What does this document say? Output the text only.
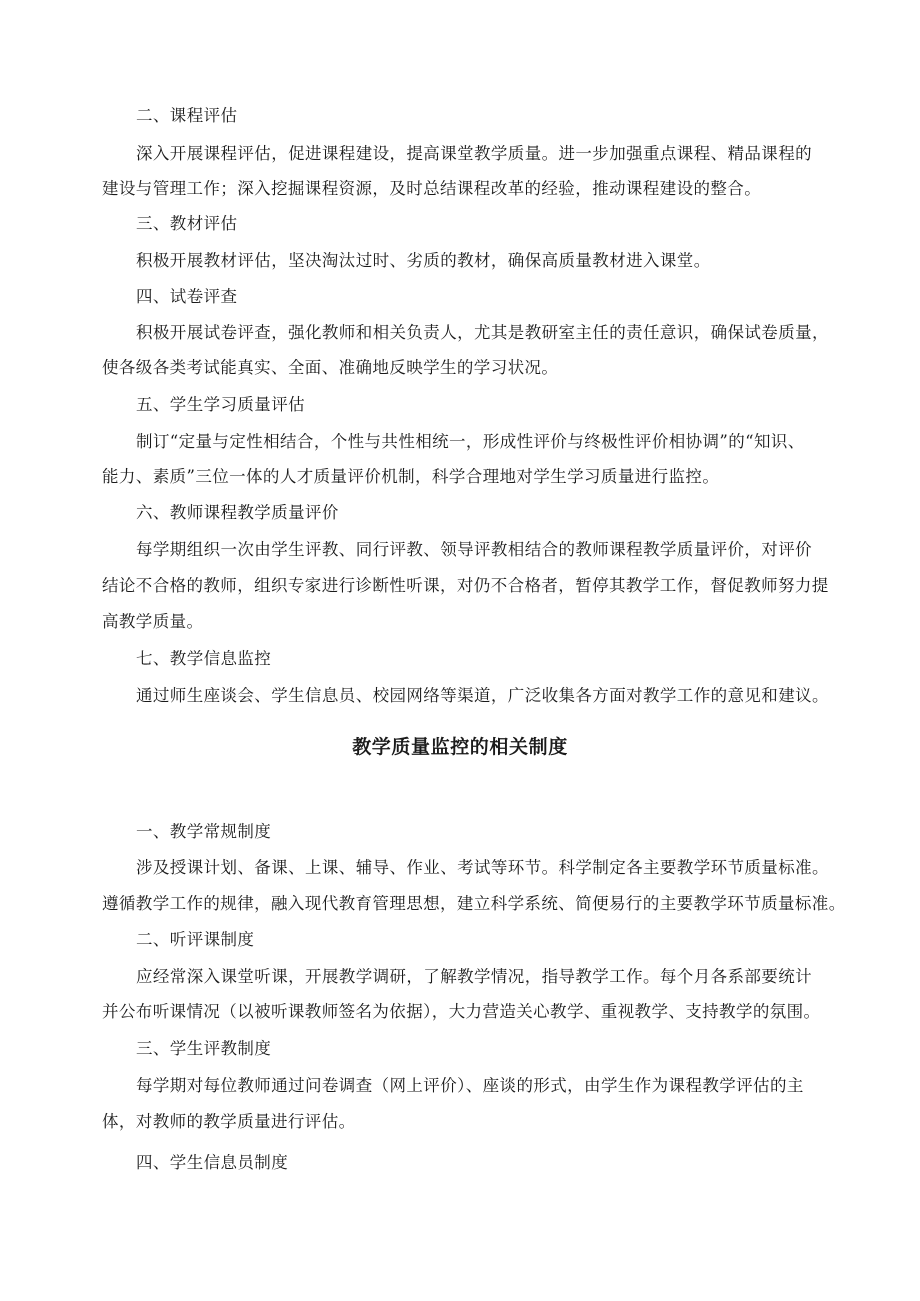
二、课程评估

深入开展课程评估，促进课程建设，提高课堂教学质量。进一步加强重点课程、精品课程的

建设与管理工作；深入挖掘课程资源，及时总结课程改革的经验，推动课程建设的整合。

三、教材评估

积极开展教材评估，坚决淘汰过时、劣质的教材，确保高质量教材进入课堂。

四、试卷评查

积极开展试卷评查，强化教师和相关负责人，尤其是教研室主任的责任意识，确保试卷质量，

使各级各类考试能真实、全面、准确地反映学生的学习状况。

五、学生学习质量评估

制订“定量与定性相结合，个性与共性相统一，形成性评价与终极性评价相协调”的“知识、

能力、素质”三位一体的人才质量评价机制，科学合理地对学生学习质量进行监控。

六、教师课程教学质量评价

每学期组织一次由学生评教、同行评教、领导评教相结合的教师课程教学质量评价，对评价

结论不合格的教师，组织专家进行诊断性听课，对仍不合格者，暂停其教学工作，督促教师努力提

高教学质量。

七、教学信息监控

通过师生座谈会、学生信息员、校园网络等渠道，广泛收集各方面对教学工作的意见和建议。

教学质量监控的相关制度

一、教学常规制度

涉及授课计划、备课、上课、辅导、作业、考试等环节。科学制定各主要教学环节质量标准。

遵循教学工作的规律，融入现代教育管理思想，建立科学系统、简便易行的主要教学环节质量标准。

二、听评课制度

应经常深入课堂听课，开展教学调研，了解教学情况，指导教学工作。每个月各系部要统计

并公布听课情况（以被听课教师签名为依据），大力营造关心教学、重视教学、支持教学的氛围。

三、学生评教制度

每学期对每位教师通过问卷调查（网上评价）、座谈的形式，由学生作为课程教学评估的主

体，对教师的教学质量进行评估。

四、学生信息员制度
